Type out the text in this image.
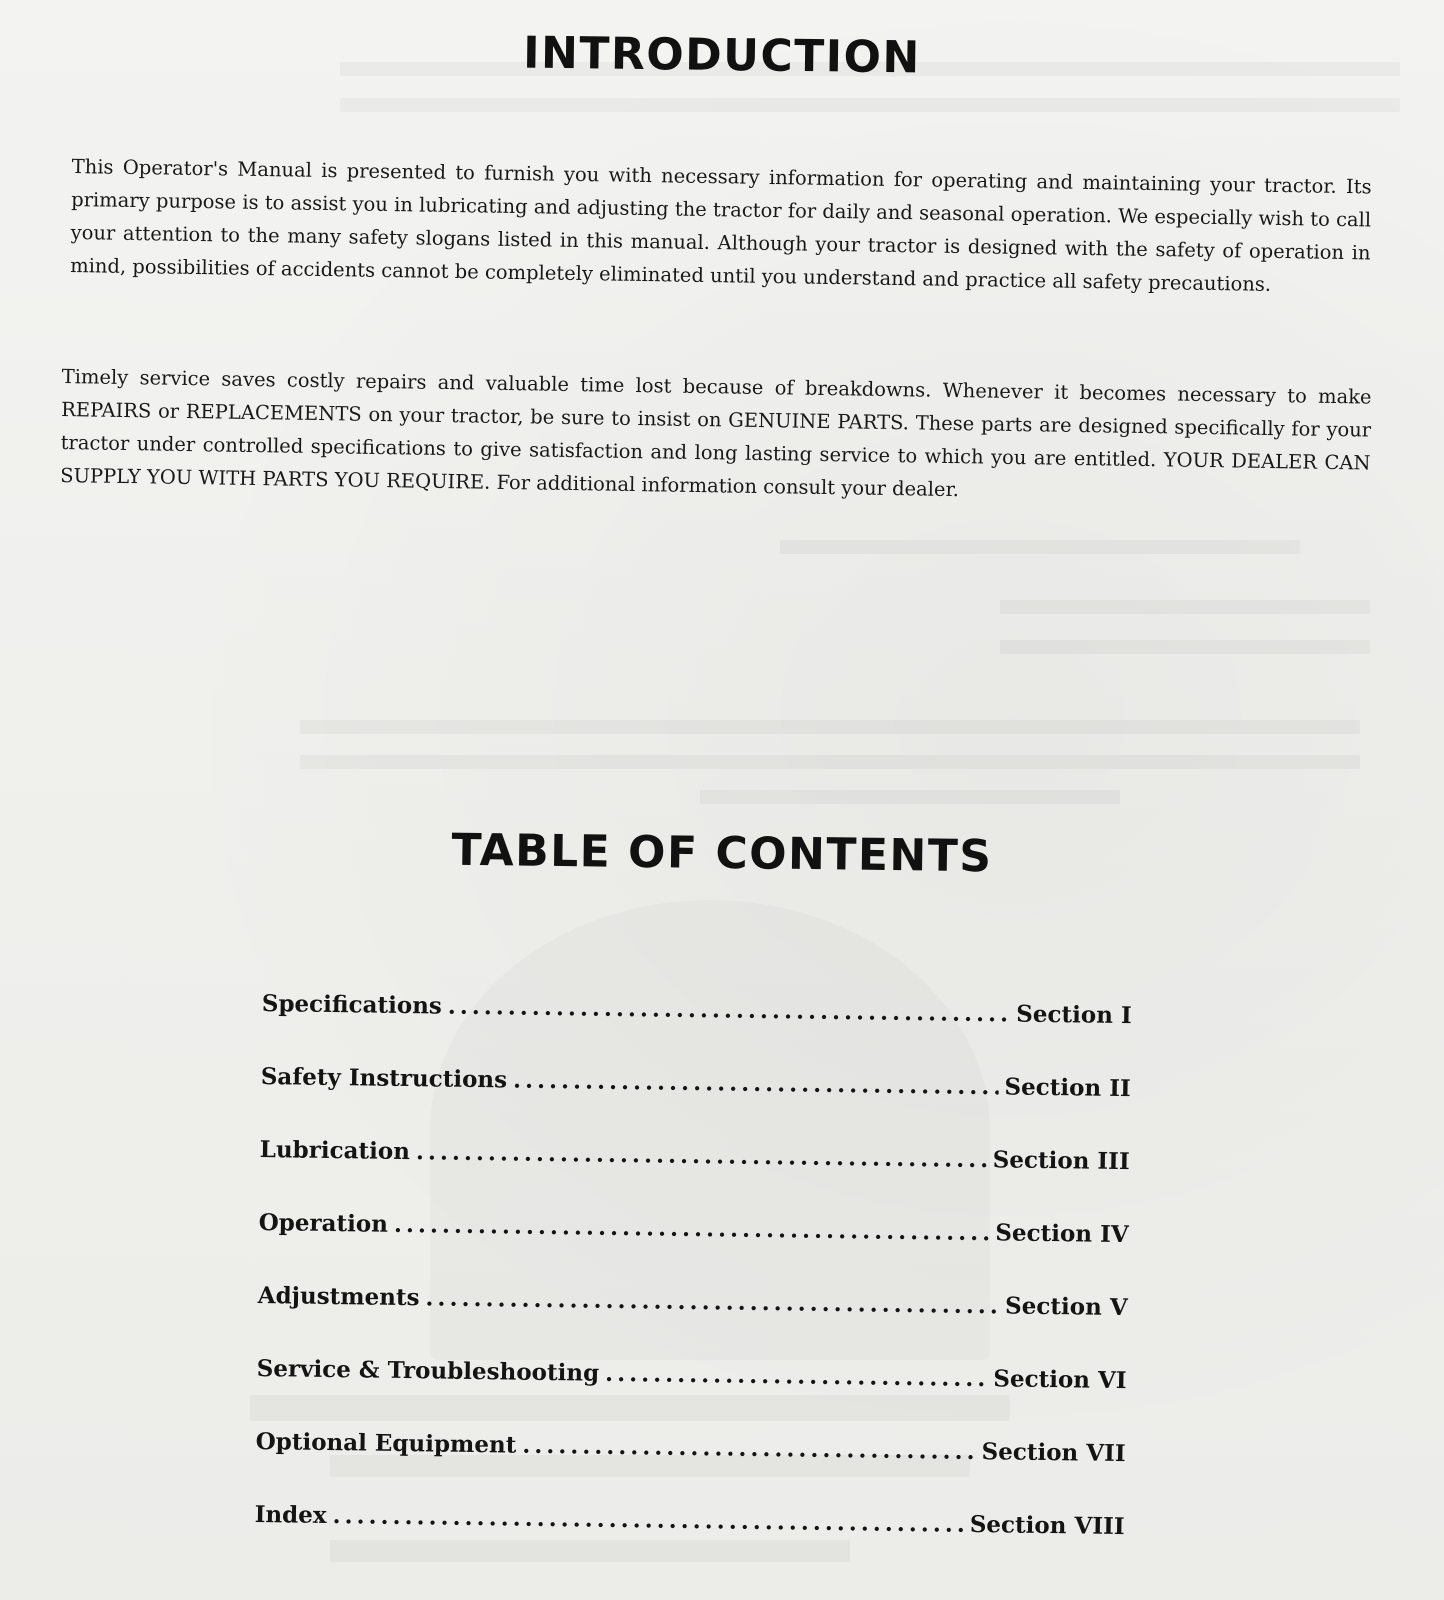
INTRODUCTION

This Operator's Manual is presented to furnish you with necessary information for operating and maintaining your tractor. Its primary purpose is to assist you in lubricating and adjusting the tractor for daily and seasonal operation. We especially wish to call your attention to the many safety slogans listed in this manual. Although your tractor is designed with the safety of operation in mind, possibilities of accidents cannot be completely eliminated until you understand and practice all safety precautions.

Timely service saves costly repairs and valuable time lost because of breakdowns. Whenever it becomes necessary to make REPAIRS or REPLACEMENTS on your tractor, be sure to insist on GENUINE PARTS. These parts are designed specifically for your tractor under controlled specifications to give satisfaction and long lasting service to which you are entitled. YOUR DEALER CAN SUPPLY YOU WITH PARTS YOU REQUIRE. For additional information consult your dealer.

TABLE OF CONTENTS
Specifications .....	Section I
Safety Instructions .....	Section II
Lubrication .....	Section III
Operation .....	Section IV
Adjustments .....	Section V
Service & Troubleshooting .....	Section VI
Optional Equipment .....	Section VII
Index .....	Section VIII
